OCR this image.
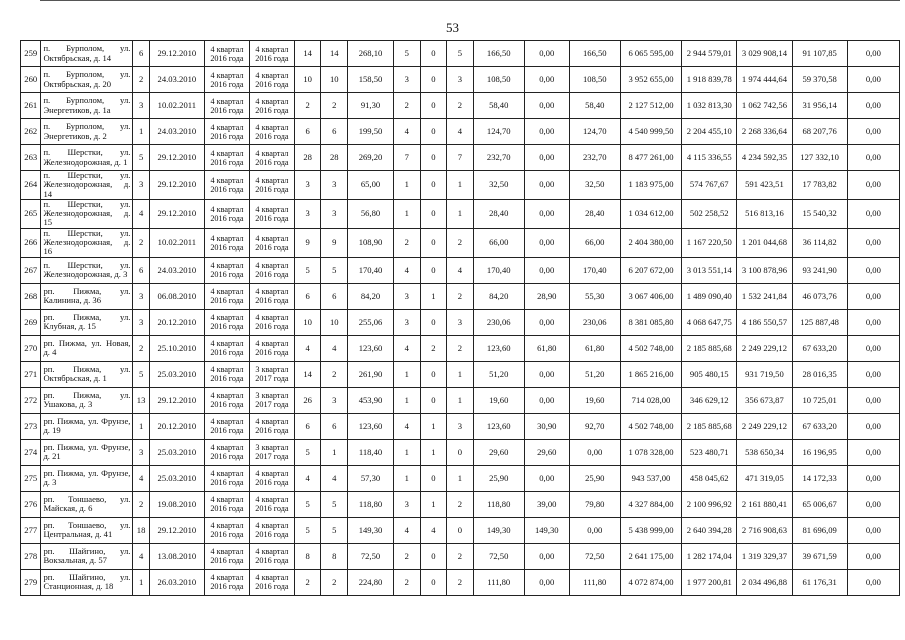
53
259	п. Бурполом, ул. Октябрьская, д. 14	6	29.12.2010	4 квартал 2016 года	4 квартал 2016 года	14	14	268,10	5	0	5	166,50	0,00	166,50	6 065 595,00	2 944 579,01	3 029 908,14	91 107,85	0,00
260	п. Бурполом, ул. Октябрьская, д. 20	2	24.03.2010	4 квартал 2016 года	4 квартал 2016 года	10	10	158,50	3	0	3	108,50	0,00	108,50	3 952 655,00	1 918 839,78	1 974 444,64	59 370,58	0,00
261	п. Бурполом, ул. Энергетиков, д. 1а	3	10.02.2011	4 квартал 2016 года	4 квартал 2016 года	2	2	91,30	2	0	2	58,40	0,00	58,40	2 127 512,00	1 032 813,30	1 062 742,56	31 956,14	0,00
262	п. Бурполом, ул. Энергетиков, д. 2	1	24.03.2010	4 квартал 2016 года	4 квартал 2016 года	6	6	199,50	4	0	4	124,70	0,00	124,70	4 540 999,50	2 204 455,10	2 268 336,64	68 207,76	0,00
263	п. Шерстки, ул. Железнодорожная, д. 1	5	29.12.2010	4 квартал 2016 года	4 квартал 2016 года	28	28	269,20	7	0	7	232,70	0,00	232,70	8 477 261,00	4 115 336,55	4 234 592,35	127 332,10	0,00
264	п. Шерстки, ул. Железнодорожная, д. 14	3	29.12.2010	4 квартал 2016 года	4 квартал 2016 года	3	3	65,00	1	0	1	32,50	0,00	32,50	1 183 975,00	574 767,67	591 423,51	17 783,82	0,00
265	п. Шерстки, ул. Железнодорожная, д. 15	4	29.12.2010	4 квартал 2016 года	4 квартал 2016 года	3	3	56,80	1	0	1	28,40	0,00	28,40	1 034 612,00	502 258,52	516 813,16	15 540,32	0,00
266	п. Шерстки, ул. Железнодорожная, д. 16	2	10.02.2011	4 квартал 2016 года	4 квартал 2016 года	9	9	108,90	2	0	2	66,00	0,00	66,00	2 404 380,00	1 167 220,50	1 201 044,68	36 114,82	0,00
267	п. Шерстки, ул. Железнодорожная, д. 3	6	24.03.2010	4 квартал 2016 года	4 квартал 2016 года	5	5	170,40	4	0	4	170,40	0,00	170,40	6 207 672,00	3 013 551,14	3 100 878,96	93 241,90	0,00
268	рп. Пижма, ул. Калинина, д. 36	3	06.08.2010	4 квартал 2016 года	4 квартал 2016 года	6	6	84,20	3	1	2	84,20	28,90	55,30	3 067 406,00	1 489 090,40	1 532 241,84	46 073,76	0,00
269	рп. Пижма, ул. Клубная, д. 15	3	20.12.2010	4 квартал 2016 года	4 квартал 2016 года	10	10	255,06	3	0	3	230,06	0,00	230,06	8 381 085,80	4 068 647,75	4 186 550,57	125 887,48	0,00
270	рп. Пижма, ул. Новая, д. 4	2	25.10.2010	4 квартал 2016 года	4 квартал 2016 года	4	4	123,60	4	2	2	123,60	61,80	61,80	4 502 748,00	2 185 885,68	2 249 229,12	67 633,20	0,00
271	рп. Пижма, ул. Октябрьская, д. 1	5	25.03.2010	4 квартал 2016 года	3 квартал 2017 года	14	2	261,90	1	0	1	51,20	0,00	51,20	1 865 216,00	905 480,15	931 719,50	28 016,35	0,00
272	рп. Пижма, ул. Ушакова, д. 3	13	29.12.2010	4 квартал 2016 года	3 квартал 2017 года	26	3	453,90	1	0	1	19,60	0,00	19,60	714 028,00	346 629,12	356 673,87	10 725,01	0,00
273	рп. Пижма, ул. Фрунзе, д. 19	1	20.12.2010	4 квартал 2016 года	4 квартал 2016 года	6	6	123,60	4	1	3	123,60	30,90	92,70	4 502 748,00	2 185 885,68	2 249 229,12	67 633,20	0,00
274	рп. Пижма, ул. Фрунзе, д. 21	3	25.03.2010	4 квартал 2016 года	3 квартал 2017 года	5	1	118,40	1	1	0	29,60	29,60	0,00	1 078 328,00	523 480,71	538 650,34	16 196,95	0,00
275	рп. Пижма, ул. Фрунзе, д. 3	4	25.03.2010	4 квартал 2016 года	4 квартал 2016 года	4	4	57,30	1	0	1	25,90	0,00	25,90	943 537,00	458 045,62	471 319,05	14 172,33	0,00
276	рп. Тоншаево, ул. Майская, д. 6	2	19.08.2010	4 квартал 2016 года	4 квартал 2016 года	5	5	118,80	3	1	2	118,80	39,00	79,80	4 327 884,00	2 100 996,92	2 161 880,41	65 006,67	0,00
277	рп. Тоншаево, ул. Центральная, д. 41	18	29.12.2010	4 квартал 2016 года	4 квартал 2016 года	5	5	149,30	4	4	0	149,30	149,30	0,00	5 438 999,00	2 640 394,28	2 716 908,63	81 696,09	0,00
278	рп. Шайгино, ул. Вокзальная, д. 57	4	13.08.2010	4 квартал 2016 года	4 квартал 2016 года	8	8	72,50	2	0	2	72,50	0,00	72,50	2 641 175,00	1 282 174,04	1 319 329,37	39 671,59	0,00
279	рп. Шайгино, ул. Станционная, д. 18	1	26.03.2010	4 квартал 2016 года	4 квартал 2016 года	2	2	224,80	2	0	2	111,80	0,00	111,80	4 072 874,00	1 977 200,81	2 034 496,88	61 176,31	0,00
